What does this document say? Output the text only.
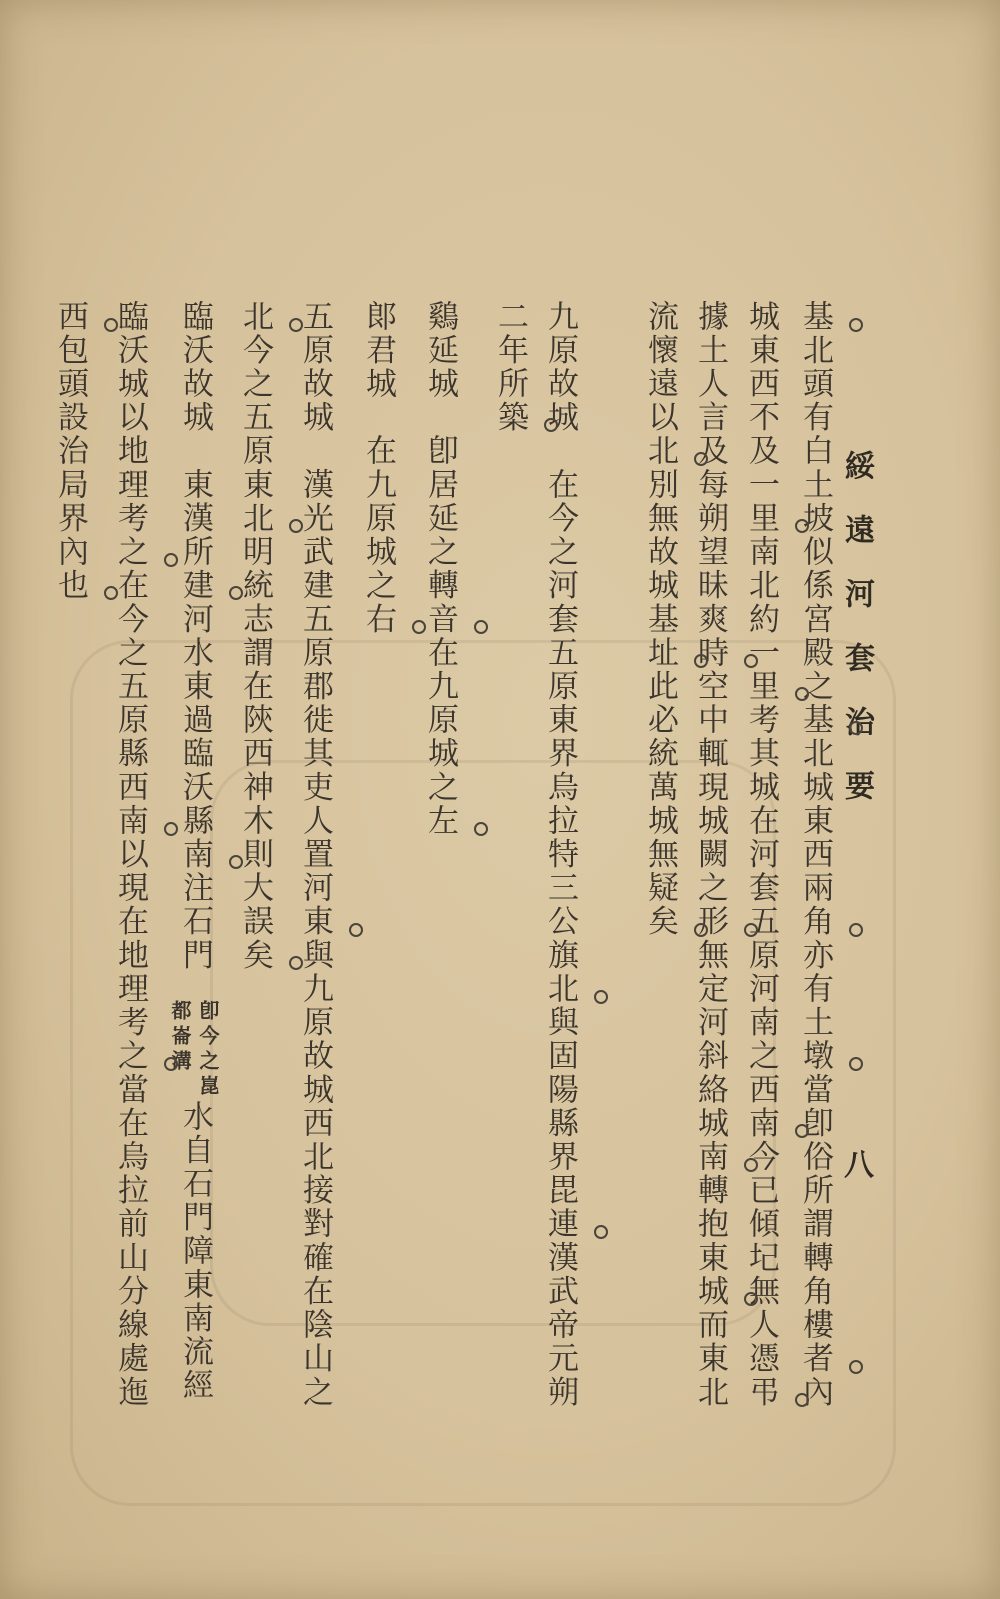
綏遠河套治要
八
基北頭有白土坡似係宮殿之基北城東西兩角亦有土墩當卽俗所謂轉角樓者內
城東西不及一里南北約一里考其城在河套五原河南之西南今已傾圮無人憑弔
據土人言及每朔望昧爽時空中輒現城闕之形無定河斜絡城南轉抱東城而東北
流懷遠以北別無故城基址此必統萬城無疑矣
九原故城　在今之河套五原東界烏拉特三公旗北與固陽縣界毘連漢武帝元朔
二年所築
鷄延城　卽居延之轉音在九原城之左
郞君城　在九原城之右
五原故城　漢光武建五原郡徙其吏人置河東與九原故城西北接對確在陰山之
北今之五原東北明統志謂在陝西神木則大誤矣
臨沃故城　東漢所建河水東過臨沃縣南注石門
卽今之崑
都崙溝
水自石門障東南流經
臨沃城以地理考之在今之五原縣西南以現在地理考之當在烏拉前山分線處迤
西包頭設治局界內也
